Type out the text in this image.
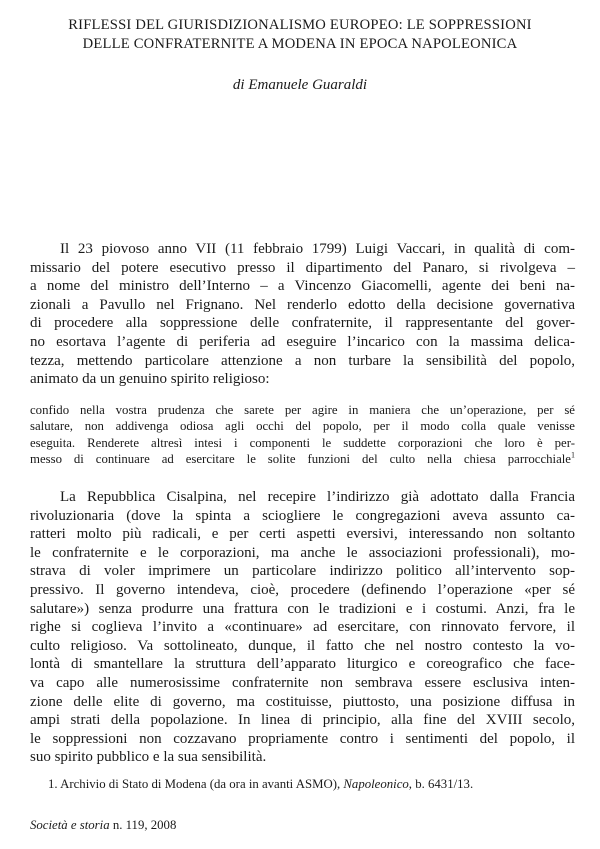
RIFLESSI DEL GIURISDIZIONALISMO EUROPEO: LE SOPPRESSIONI
DELLE CONFRATERNITE A MODENA IN EPOCA NAPOLEONICA
di Emanuele Guaraldi
Il 23 piovoso anno VII (11 febbraio 1799) Luigi Vaccari, in qualità di com-
missario del potere esecutivo presso il dipartimento del Panaro, si rivolgeva –
a nome del ministro dell’Interno – a Vincenzo Giacomelli, agente dei beni na-
zionali a Pavullo nel Frignano. Nel renderlo edotto della decisione governativa
di procedere alla soppressione delle confraternite, il rappresentante del gover-
no esortava l’agente di periferia ad eseguire l’incarico con la massima delica-
tezza, mettendo particolare attenzione a non turbare la sensibilità del popolo,
animato da un genuino spirito religioso:
confido nella vostra prudenza che sarete per agire in maniera che un’operazione, per sé
salutare, non addivenga odiosa agli occhi del popolo, per il modo colla quale venisse
eseguita. Renderete altresì intesi i componenti le suddette corporazioni che loro è per-
messo di continuare ad esercitare le solite funzioni del culto nella chiesa parrocchiale$^1$
La Repubblica Cisalpina, nel recepire l’indirizzo già adottato dalla Francia
rivoluzionaria (dove la spinta a sciogliere le congregazioni aveva assunto ca-
ratteri molto più radicali, e per certi aspetti eversivi, interessando non soltanto
le confraternite e le corporazioni, ma anche le associazioni professionali), mo-
strava di voler imprimere un particolare indirizzo politico all’intervento sop-
pressivo. Il governo intendeva, cioè, procedere (definendo l’operazione «per sé
salutare») senza produrre una frattura con le tradizioni e i costumi. Anzi, fra le
righe si coglieva l’invito a «continuare» ad esercitare, con rinnovato fervore, il
culto religioso. Va sottolineato, dunque, il fatto che nel nostro contesto la vo-
lontà di smantellare la struttura dell’apparato liturgico e coreografico che face-
va capo alle numerosissime confraternite non sembrava essere esclusiva inten-
zione delle elite di governo, ma costituisse, piuttosto, una posizione diffusa in
ampi strati della popolazione. In linea di principio, alla fine del XVIII secolo,
le soppressioni non cozzavano propriamente contro i sentimenti del popolo, il
suo spirito pubblico e la sua sensibilità.
1. Archivio di Stato di Modena (da ora in avanti ASMO), Napoleonico, b. 6431/13.
Società e storia n. 119, 2008
